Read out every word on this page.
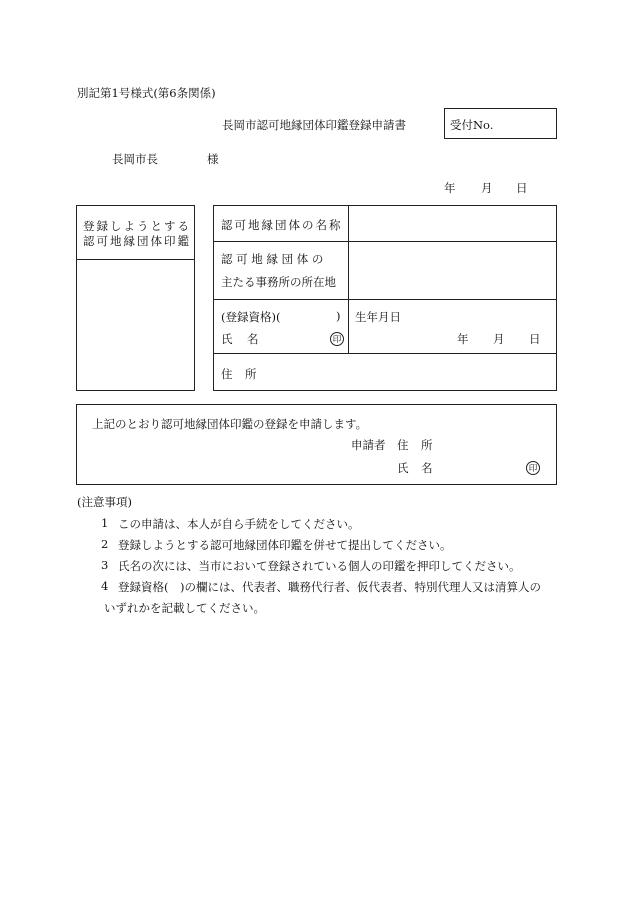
別記第1号様式(第6条関係)
長岡市認可地縁団体印鑑登録申請書	受付No.
長岡市長	様
年 月 日
登録しようとする
認可地縁団体印鑑
認可地縁団体の名称
認 可 地 縁 団 体 の
主たる事務所の所在地
(登録資格)(	)
氏 名	印
生年月日
年 月 日
住 所
上記のとおり認可地縁団体印鑑の登録を申請します。
申請者 住 所
氏 名	印
(注意事項)
1 この申請は、本人が自ら手続をしてください。
2 登録しようとする認可地縁団体印鑑を併せて提出してください。
3 氏名の次には、当市において登録されている個人の印鑑を押印してください。
4 登録資格(　)の欄には、代表者、職務代行者、仮代表者、特別代理人又は清算人の
いずれかを記載してください。
